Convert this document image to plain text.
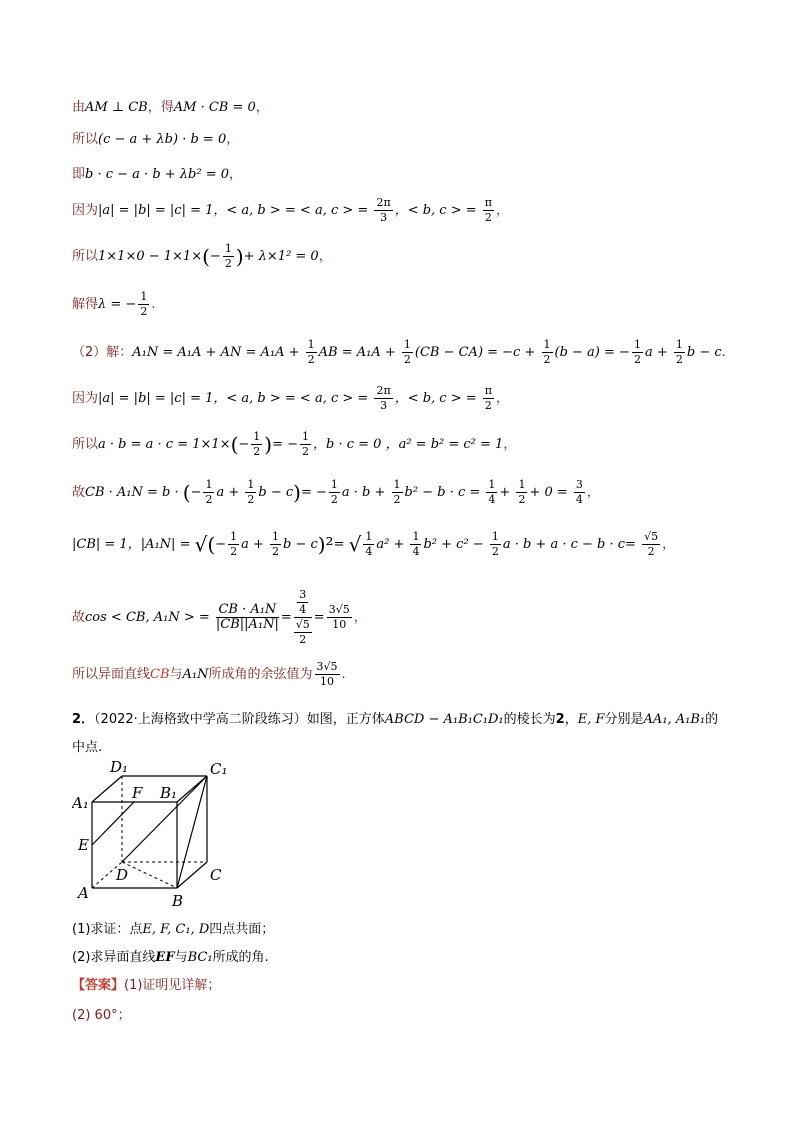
由AM ⊥ CB，得AM · CB = 0，
所以(c − a + λb) · b = 0，
即b · c − a · b + λb² = 0，
因为|a| = |b| = |c| = 1，< a, b > = < a, c > = $\frac{2\pi}{3}$ ，< b, c > = $\frac{\pi}{2}$ ，
所以$1\times 1\times 0 - 1\times 1\times(- \frac{1}{2}$ )+ λ×1² = 0，
解得λ = − $\frac{1}{2}$ .
（2）解：A₁N = A₁A + AN = $A_1A + \frac{1}{2}$ AB = $A_1A + \frac{1}{2} (CB - CA) = -c + \frac{1}{2} (b - a)$ = − $\frac{1}{2}$ $a + \frac{1}{2}$ b − c.
因为|a| = |b| = |c| = 1，< a, b > = < a, c > = $\frac{2\pi}{3}$ ，< b, c > = $\frac{\pi}{2}$ ，
所以$a \cdot b = a \cdot c = 1\times 1\times(- \frac{1}{2}$ )= − $\frac{1}{2}$ ，b · c = 0 ，a² = b² = c² = 1，
故CB · A₁N = b · (− $\frac{1}{2}$ $a + \frac{1}{2}$ $b - c)= - \frac{1}{2}$ $a \cdot b + \frac{1}{2} b^2 - b \cdot c = \frac{1}{4} + \frac{1}{2} + 0 = \frac{3}{4}$ ，
|CB| = 1，|A₁N| = √(− $\frac{1}{2}$ $a + \frac{1}{2}$ b − c)²= √ $\frac{1}{4} a^2 + \frac{1}{4} b^2 + c^2 - \frac{1}{2}$ $a \cdot b + a \cdot c - b \cdot c= \frac{√5}{2}$ ，
故cos < CB, A₁N > = $\frac{\text{CB · A₁N}}{\text{|CB||A₁N|}} = \frac{\frac{3}{4}}{\frac{√5}{2}} = \frac{3√5}{10}$ ，
所以异面直线CB与A₁N所成角的余弦值为 $\frac{3√5}{10}$ .
2．（2022·上海格致中学高二阶段练习）如图，正方体ABCD − A₁B₁C₁D₁的棱长为2，E, F分别是AA₁, A₁B₁的
中点.
D₁	C₁
A₁
F B₁
E
D	C
A	B
(1)求证：点E, F, C₁, D四点共面；
(2)求异面直线EF与BC₁所成的角.
【答案】(1)证明见详解；
(2) 60°；
